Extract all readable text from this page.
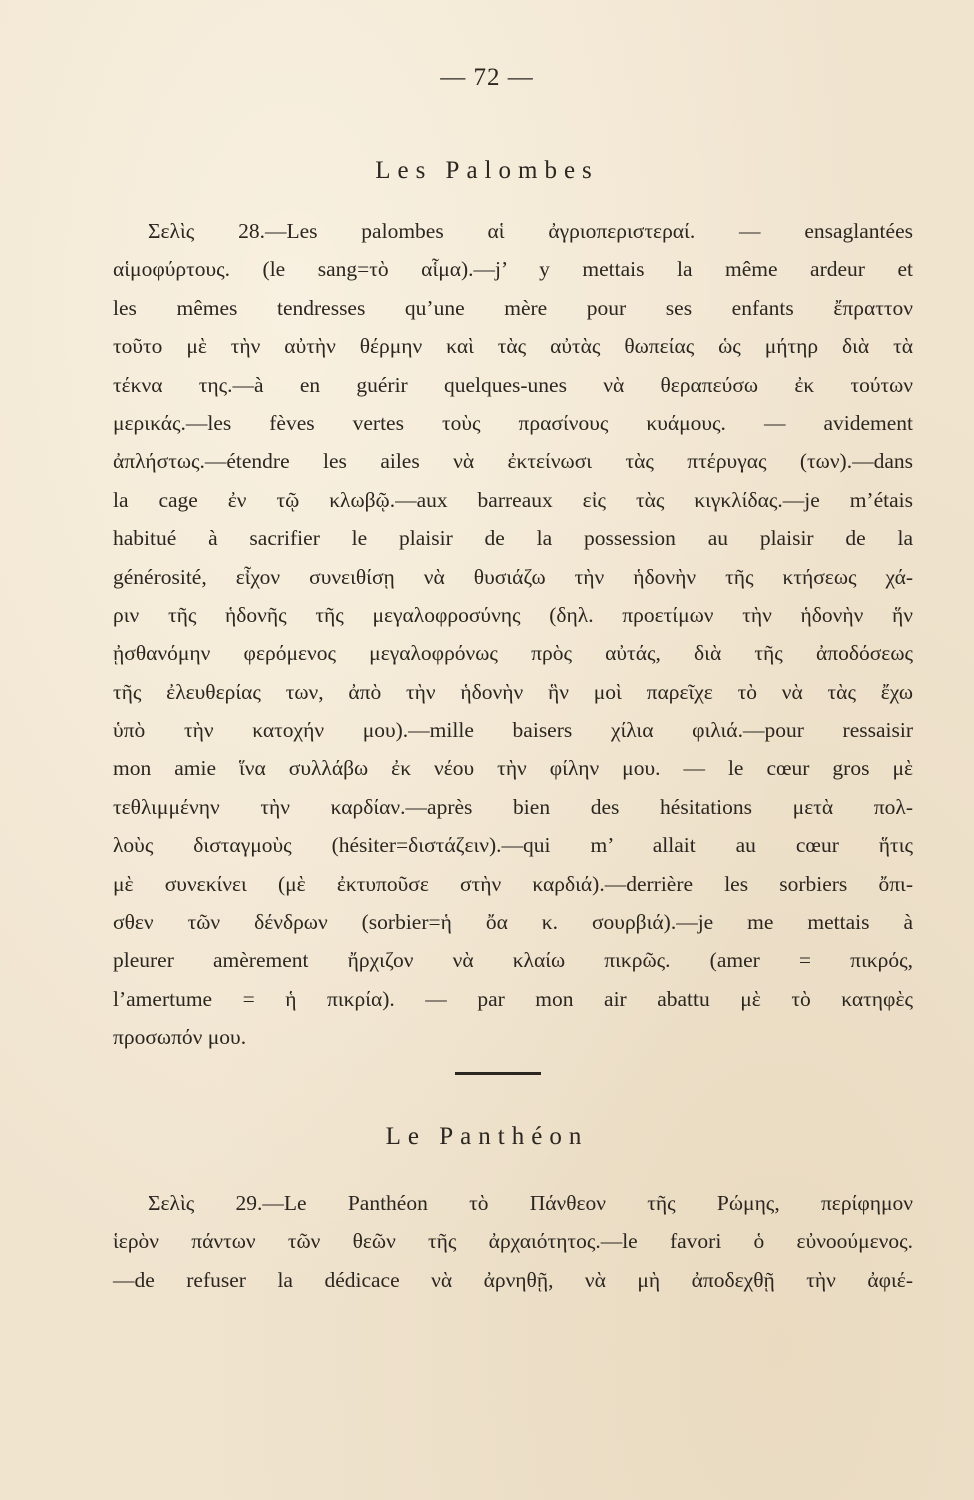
— 72 —
Les Palombes
Σελὶς 28.—Les palombes αἱ ἀγριοπεριστεραί. — ensaglantées
αἱμοφύρτους. (le sang=τὸ αἷμα).—j’ y mettais la même ardeur et
les mêmes tendresses qu’une mère pour ses enfants ἔπραττον
τοῦτο μὲ τὴν αὐτὴν θέρμην καὶ τὰς αὐτὰς θωπείας ὡς μήτηρ διὰ τὰ
τέκνα της.—à en guérir quelques-unes νὰ θεραπεύσω ἐκ τούτων
μερικάς.—les fèves vertes τοὺς πρασίνους κυάμους. — avidement
ἀπλήστως.—étendre les ailes νὰ ἐκτείνωσι τὰς πτέρυγας (των).—dans
la cage ἐν τῷ κλωβῷ.—aux barreaux εἰς τὰς κιγκλίδας.—je m’étais
habitué à sacrifier le plaisir de la possession au plaisir de la
générosité, εἶχον συνειθίσῃ νὰ θυσιάζω τὴν ἡδονὴν τῆς κτήσεως χά-
ριν τῆς ἡδονῆς τῆς μεγαλοφροσύνης (δηλ. προετίμων τὴν ἡδονὴν ἥν
ᾐσθανόμην φερόμενος μεγαλοφρόνως πρὸς αὐτάς, διὰ τῆς ἀποδόσεως
τῆς ἐλευθερίας των, ἀπὸ τὴν ἡδονὴν ἣν μοὶ παρεῖχε τὸ νὰ τὰς ἔχω
ὑπὸ τὴν κατοχήν μου).—mille baisers χίλια φιλιά.—pour ressaisir
mon amie ἵνα συλλάβω ἐκ νέου τὴν φίλην μου. — le cœur gros μὲ
τεθλιμμένην τὴν καρδίαν.—après bien des hésitations μετὰ πολ-
λοὺς δισταγμοὺς (hésiter=διστάζειν).—qui m’ allait au cœur ἥτις
μὲ συνεκίνει (μὲ ἐκτυποῦσε στὴν καρδιά).—derrière les sorbiers ὄπι-
σθεν τῶν δένδρων (sorbier=ἡ ὄα κ. σουρβιά).—je me mettais à
pleurer amèrement ἤρχιζον νὰ κλαίω πικρῶς. (amer = πικρός,
l’amertume = ἡ πικρία). — par mon air abattu μὲ τὸ κατηφὲς
προσωπόν μου.
Le Panthéon
Σελὶς 29.—Le Panthéon τὸ Πάνθεον τῆς Ρώμης, περίφημον
ἱερὸν πάντων τῶν θεῶν τῆς ἀρχαιότητος.—le favori ὁ εὐνοούμενος.
—de refuser la dédicace νὰ ἀρνηθῇ, νὰ μὴ ἀποδεχθῇ τὴν ἀφιέ-
